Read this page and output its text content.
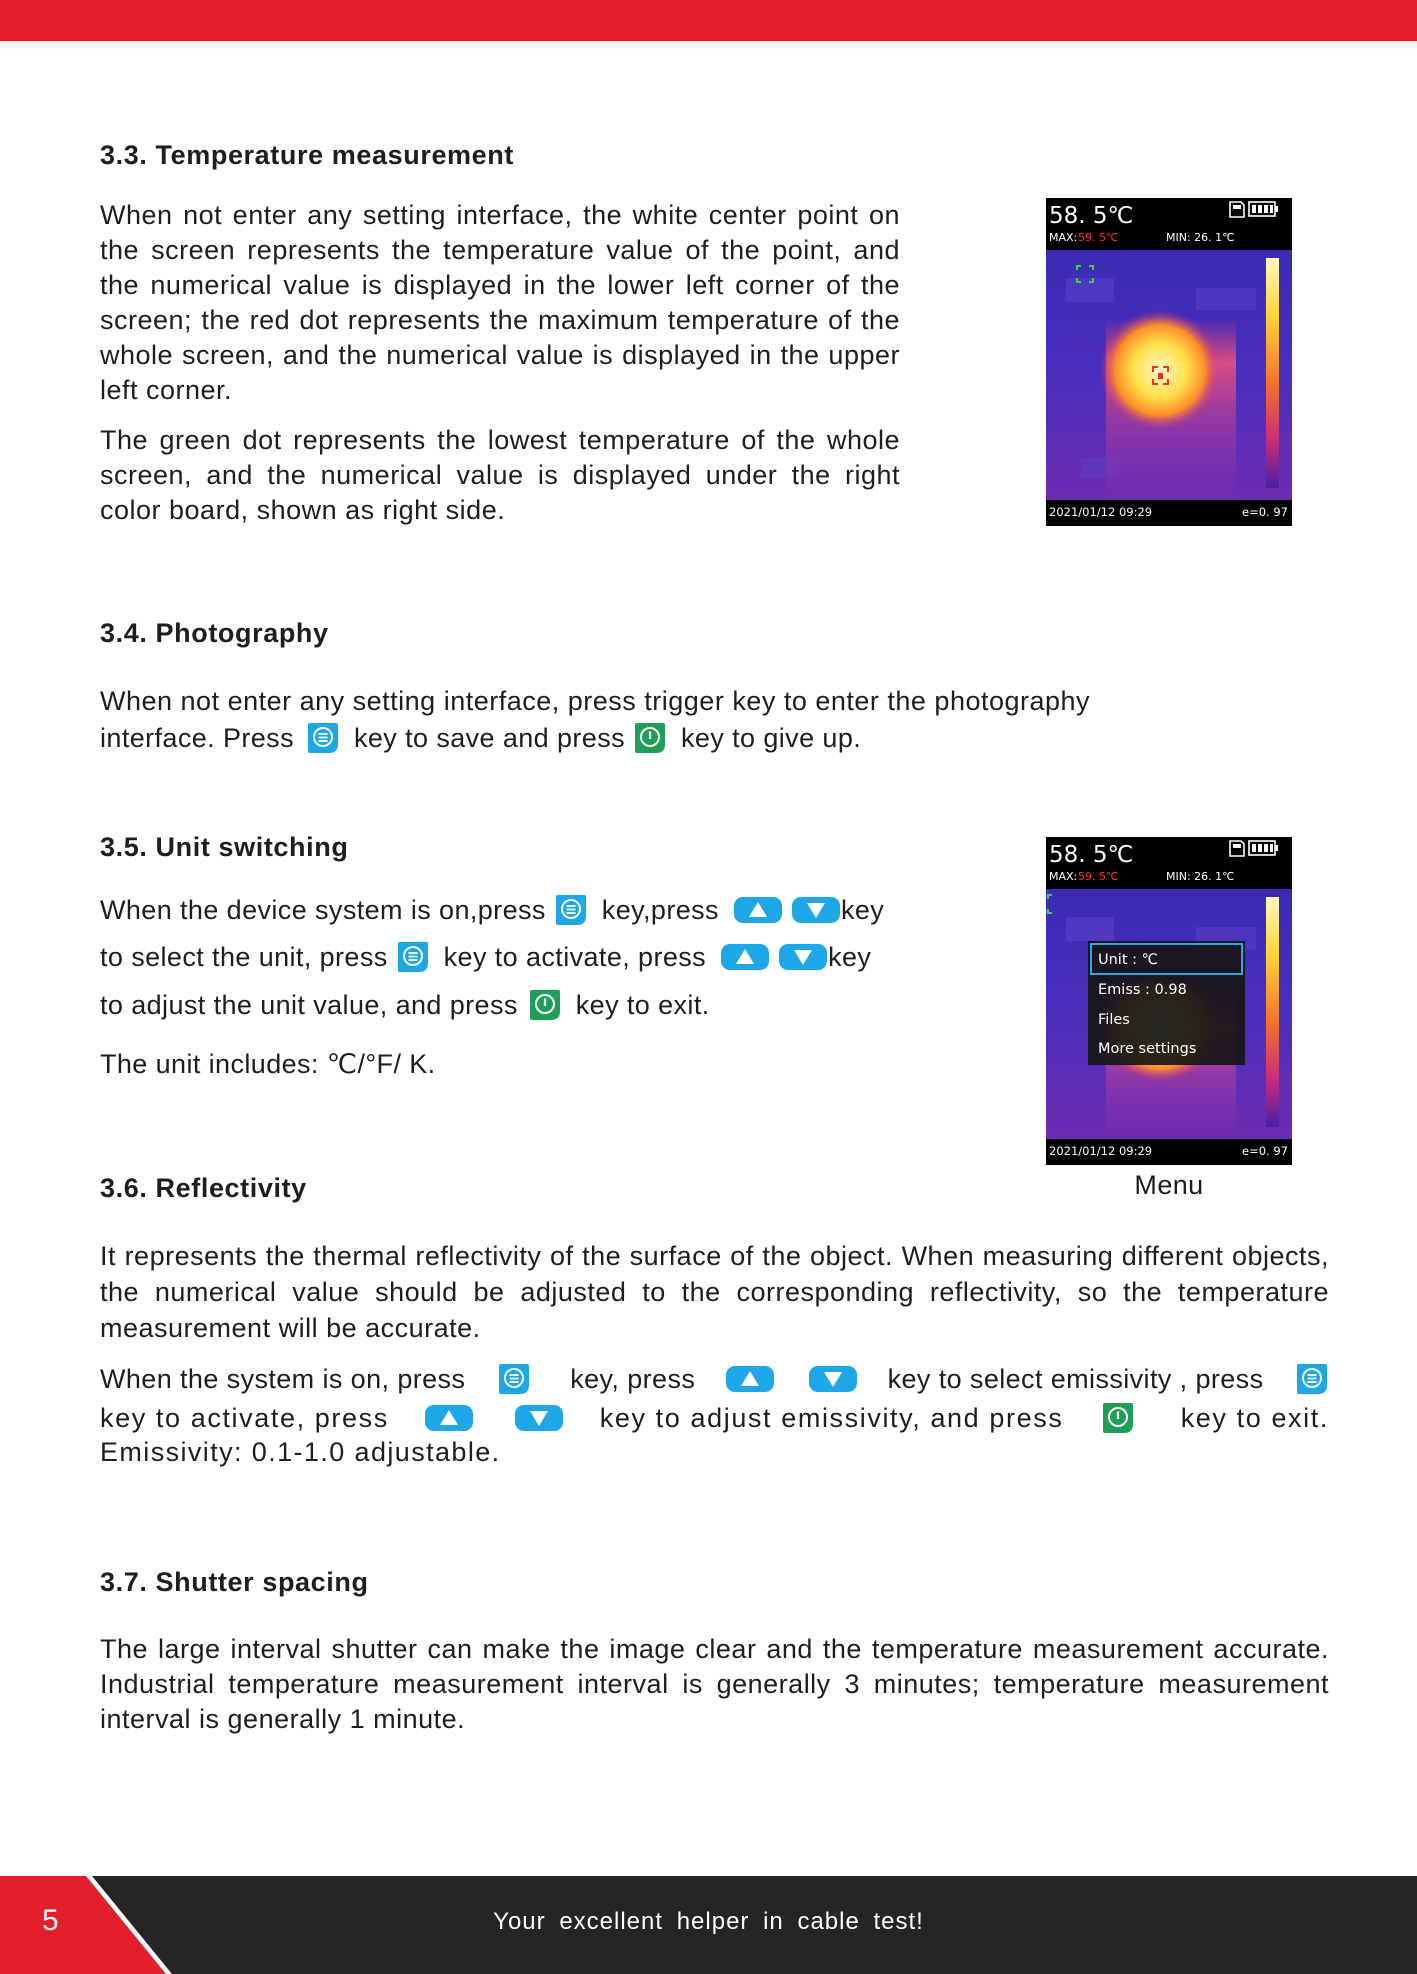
3.3. Temperature measurement

When not enter any setting interface, the white center point on the screen represents the temperature value of the point, and the numerical value is displayed in the lower left corner of the screen; the red dot represents the maximum temperature of the whole screen, and the numerical value is displayed in the upper left corner.

The green dot represents the lowest temperature of the whole screen, and the numerical value is displayed under the right color board, shown as right side.

58. 5℃
MAX: 59. 5℃	MIN: 26. 1℃
2021/01/12 09:29	e=0. 97
3.4. Photography

When not enter any setting interface, press trigger key to enter the photography

interface. Press key to save and press key to give up.
3.5. Unit switching
When the device system is on,press key,press	key
to select the unit, press key to activate, press	key
to adjust the unit value, and press key to exit.
The unit includes: ℃/°F/ K.
58. 5℃
MAX: 59. 5℃	MIN: 26. 1℃
Unit : ℃
Emiss : 0.98
Files
More settings
2021/01/12 09:29	e=0. 97
Menu
3.6. Reflectivity

It represents the thermal reflectivity of the surface of the object. When measuring different objects, the numerical value should be adjusted to the corresponding reflectivity, so the temperature measurement will be accurate.

When the system is on, press	key, press	key to select emissivity , press
key to activate, press	key to adjust emissivity, and press	key to exit.
Emissivity: 0.1-1.0 adjustable.
3.7. Shutter spacing

The large interval shutter can make the image clear and the temperature measurement accurate. Industrial temperature measurement interval is generally 3 minutes; temperature measurement interval is generally 1 minute.

5	Your excellent helper in cable test!
